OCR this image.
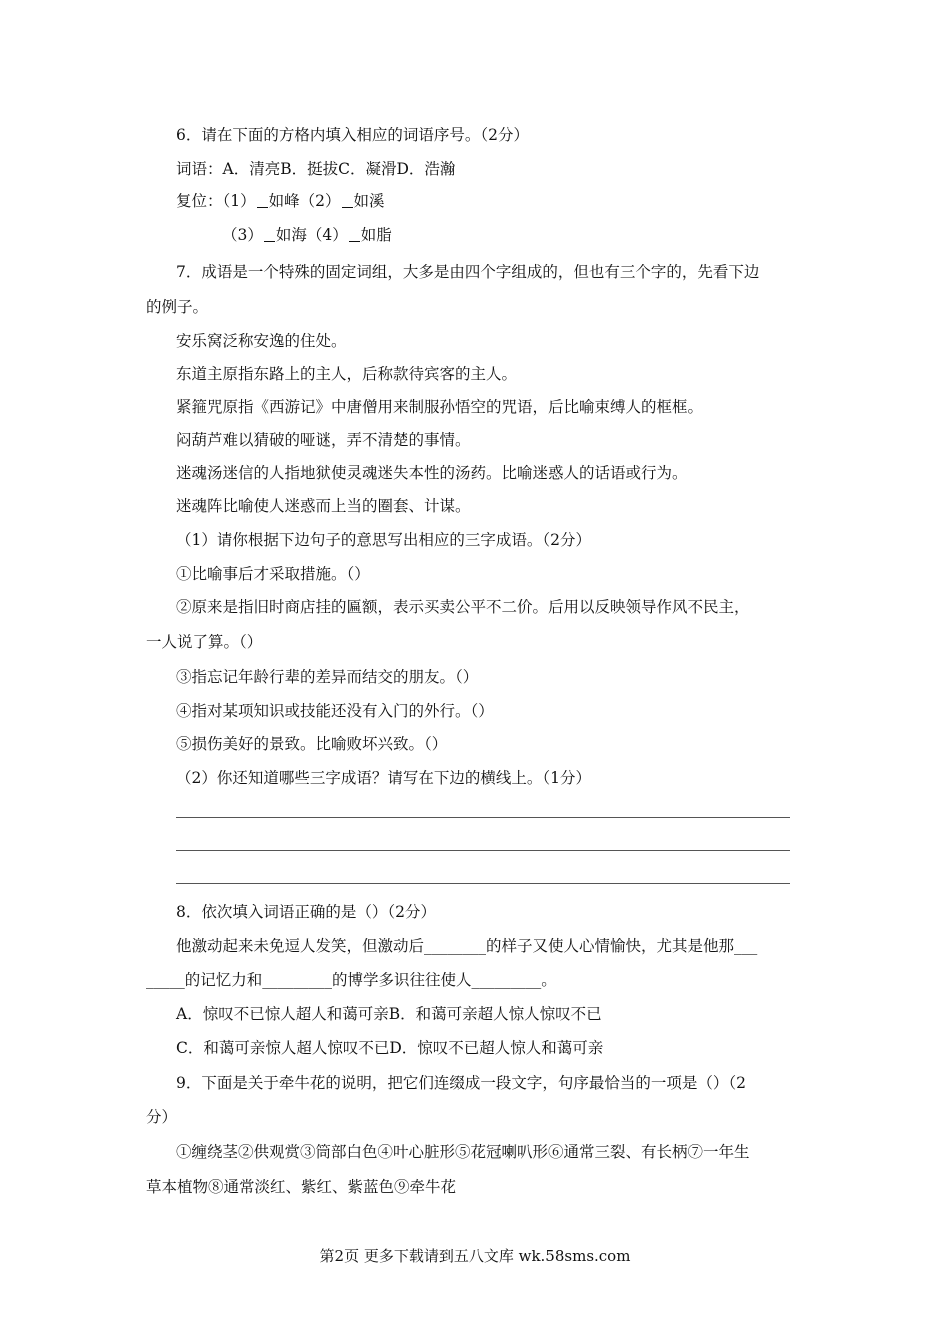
6．请在下面的方格内填入相应的词语序号。（2分）
词语：A．清亮B．挺拔C．凝滑D．浩瀚
复位：（1） 如峰（2） 如溪
（3） 如海（4） 如脂
7．成语是一个特殊的固定词组，大多是由四个字组成的，但也有三个字的，先看下边
的例子。
安乐窝泛称安逸的住处。
东道主原指东路上的主人，后称款待宾客的主人。
紧箍咒原指《西游记》中唐僧用来制服孙悟空的咒语，后比喻束缚人的框框。
闷葫芦难以猜破的哑谜，弄不清楚的事情。
迷魂汤迷信的人指地狱使灵魂迷失本性的汤药。比喻迷惑人的话语或行为。
迷魂阵比喻使人迷惑而上当的圈套、计谋。
（1）请你根据下边句子的意思写出相应的三字成语。（2分）
①比喻事后才采取措施。（）
②原来是指旧时商店挂的匾额，表示买卖公平不二价。后用以反映领导作风不民主，
一人说了算。（）
③指忘记年龄行辈的差异而结交的朋友。（）
④指对某项知识或技能还没有入门的外行。（）
⑤损伤美好的景致。比喻败坏兴致。（）
（2）你还知道哪些三字成语？请写在下边的横线上。（1分）
8．依次填入词语正确的是（）（2分）
他激动起来未免逗人发笑，但激动后________的样子又使人心情愉快，尤其是他那___
_____的记忆力和_________的博学多识往往使人_________。
A．惊叹不已惊人超人和蔼可亲B．和蔼可亲超人惊人惊叹不已
C．和蔼可亲惊人超人惊叹不已D．惊叹不已超人惊人和蔼可亲
9．下面是关于牵牛花的说明，把它们连缀成一段文字，句序最恰当的一项是（）（2
分）
①缠绕茎②供观赏③筒部白色④叶心脏形⑤花冠喇叭形⑥通常三裂、有长柄⑦一年生
草本植物⑧通常淡红、紫红、紫蓝色⑨牵牛花
第2页 更多下载请到五八文库 wk.58sms.com
